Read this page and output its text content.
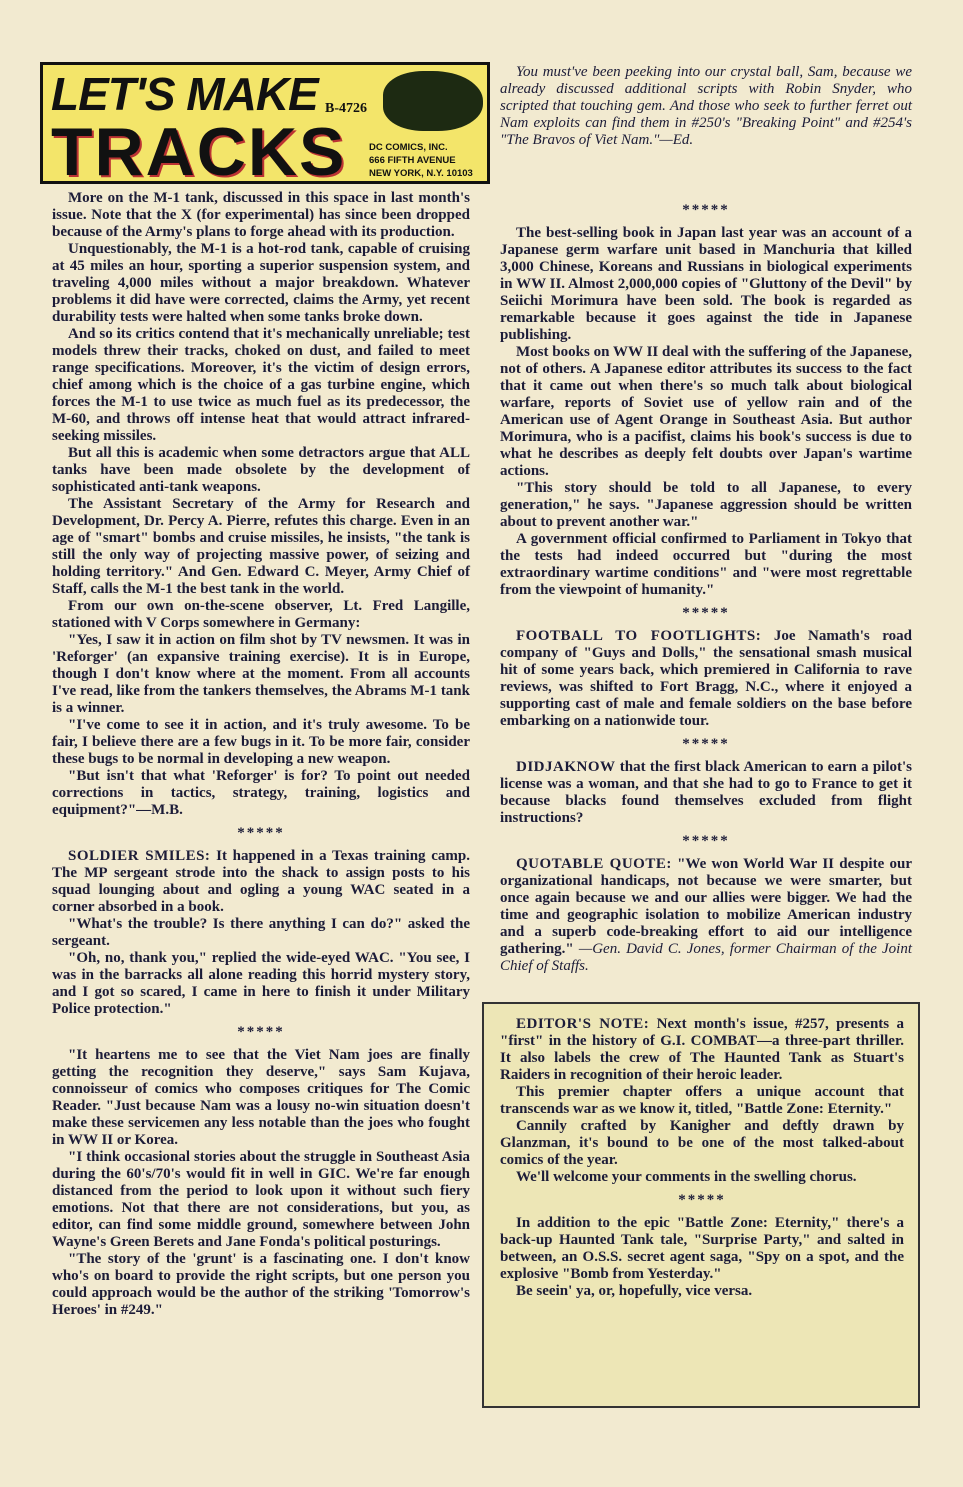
LET'S MAKE B-4726
TRACKS DC COMICS, INC.
666 FIFTH AVENUE
NEW YORK, N.Y. 10103

More on the M-1 tank, discussed in this space in last month's issue. Note that the X (for experimental) has since been dropped because of the Army's plans to forge ahead with its production.

Unquestionably, the M-1 is a hot-rod tank, capable of cruising at 45 miles an hour, sporting a superior suspension system, and traveling 4,000 miles without a major breakdown. Whatever problems it did have were corrected, claims the Army, yet recent durability tests were halted when some tanks broke down.

And so its critics contend that it's mechanically unreliable; test models threw their tracks, choked on dust, and failed to meet range specifications. Moreover, it's the victim of design errors, chief among which is the choice of a gas turbine engine, which forces the M-1 to use twice as much fuel as its predecessor, the M-60, and throws off intense heat that would attract infrared-seeking missiles.

But all this is academic when some detractors argue that ALL tanks have been made obsolete by the development of sophisticated anti-tank weapons.

The Assistant Secretary of the Army for Research and Development, Dr. Percy A. Pierre, refutes this charge. Even in an age of "smart" bombs and cruise missiles, he insists, "the tank is still the only way of projecting massive power, of seizing and holding territory." And Gen. Edward C. Meyer, Army Chief of Staff, calls the M-1 the best tank in the world.

From our own on-the-scene observer, Lt. Fred Langille, stationed with V Corps somewhere in Germany:

"Yes, I saw it in action on film shot by TV newsmen. It was in 'Reforger' (an expansive training exercise). It is in Europe, though I don't know where at the moment. From all accounts I've read, like from the tankers themselves, the Abrams M-1 tank is a winner.

"I've come to see it in action, and it's truly awesome. To be fair, I believe there are a few bugs in it. To be more fair, consider these bugs to be normal in developing a new weapon.

"But isn't that what 'Reforger' is for? To point out needed corrections in tactics, strategy, training, logistics and equipment?"—M.B.

*****

SOLDIER SMILES: It happened in a Texas training camp. The MP sergeant strode into the shack to assign posts to his squad lounging about and ogling a young WAC seated in a corner absorbed in a book.

"What's the trouble? Is there anything I can do?" asked the sergeant.

"Oh, no, thank you," replied the wide-eyed WAC. "You see, I was in the barracks all alone reading this horrid mystery story, and I got so scared, I came in here to finish it under Military Police protection."

*****

"It heartens me to see that the Viet Nam joes are finally getting the recognition they deserve," says Sam Kujava, connoisseur of comics who composes critiques for The Comic Reader. "Just because Nam was a lousy no-win situation doesn't make these servicemen any less notable than the joes who fought in WW II or Korea.

"I think occasional stories about the struggle in Southeast Asia during the 60's/70's would fit in well in GIC. We're far enough distanced from the period to look upon it without such fiery emotions. Not that there are not considerations, but you, as editor, can find some middle ground, somewhere between John Wayne's Green Berets and Jane Fonda's political posturings.

"The story of the 'grunt' is a fascinating one. I don't know who's on board to provide the right scripts, but one person you could approach would be the author of the striking 'Tomorrow's Heroes' in #249."

You must've been peeking into our crystal ball, Sam, because we already discussed additional scripts with Robin Snyder, who scripted that touching gem. And those who seek to further ferret out Nam exploits can find them in #250's "Breaking Point" and #254's "The Bravos of Viet Nam."—Ed.

*****

The best-selling book in Japan last year was an account of a Japanese germ warfare unit based in Manchuria that killed 3,000 Chinese, Koreans and Russians in biological experiments in WW II. Almost 2,000,000 copies of "Gluttony of the Devil" by Seiichi Morimura have been sold. The book is regarded as remarkable because it goes against the tide in Japanese publishing.

Most books on WW II deal with the suffering of the Japanese, not of others. A Japanese editor attributes its success to the fact that it came out when there's so much talk about biological warfare, reports of Soviet use of yellow rain and of the American use of Agent Orange in Southeast Asia. But author Morimura, who is a pacifist, claims his book's success is due to what he describes as deeply felt doubts over Japan's wartime actions.

"This story should be told to all Japanese, to every generation," he says. "Japanese aggression should be written about to prevent another war."

A government official confirmed to Parliament in Tokyo that the tests had indeed occurred but "during the most extraordinary wartime conditions" and "were most regrettable from the viewpoint of humanity."

*****

FOOTBALL TO FOOTLIGHTS: Joe Namath's road company of "Guys and Dolls," the sensational smash musical hit of some years back, which premiered in California to rave reviews, was shifted to Fort Bragg, N.C., where it enjoyed a supporting cast of male and female soldiers on the base before embarking on a nationwide tour.

*****

DIDJAKNOW that the first black American to earn a pilot's license was a woman, and that she had to go to France to get it because blacks found themselves excluded from flight instructions?

*****

QUOTABLE QUOTE: "We won World War II despite our organizational handicaps, not because we were smarter, but once again because we and our allies were bigger. We had the time and geographic isolation to mobilize American industry and a superb code-breaking effort to aid our intelligence gathering." —Gen. David C. Jones, former Chairman of the Joint Chief of Staffs.

EDITOR'S NOTE: Next month's issue, #257, presents a "first" in the history of G.I. COMBAT—a three-part thriller. It also labels the crew of The Haunted Tank as Stuart's Raiders in recognition of their heroic leader.

This premier chapter offers a unique account that transcends war as we know it, titled, "Battle Zone: Eternity."

Cannily crafted by Kanigher and deftly drawn by Glanzman, it's bound to be one of the most talked-about comics of the year.

We'll welcome your comments in the swelling chorus.

*****

In addition to the epic "Battle Zone: Eternity," there's a back-up Haunted Tank tale, "Surprise Party," and salted in between, an O.S.S. secret agent saga, "Spy on a spot, and the explosive "Bomb from Yesterday."

Be seein' ya, or, hopefully, vice versa.
